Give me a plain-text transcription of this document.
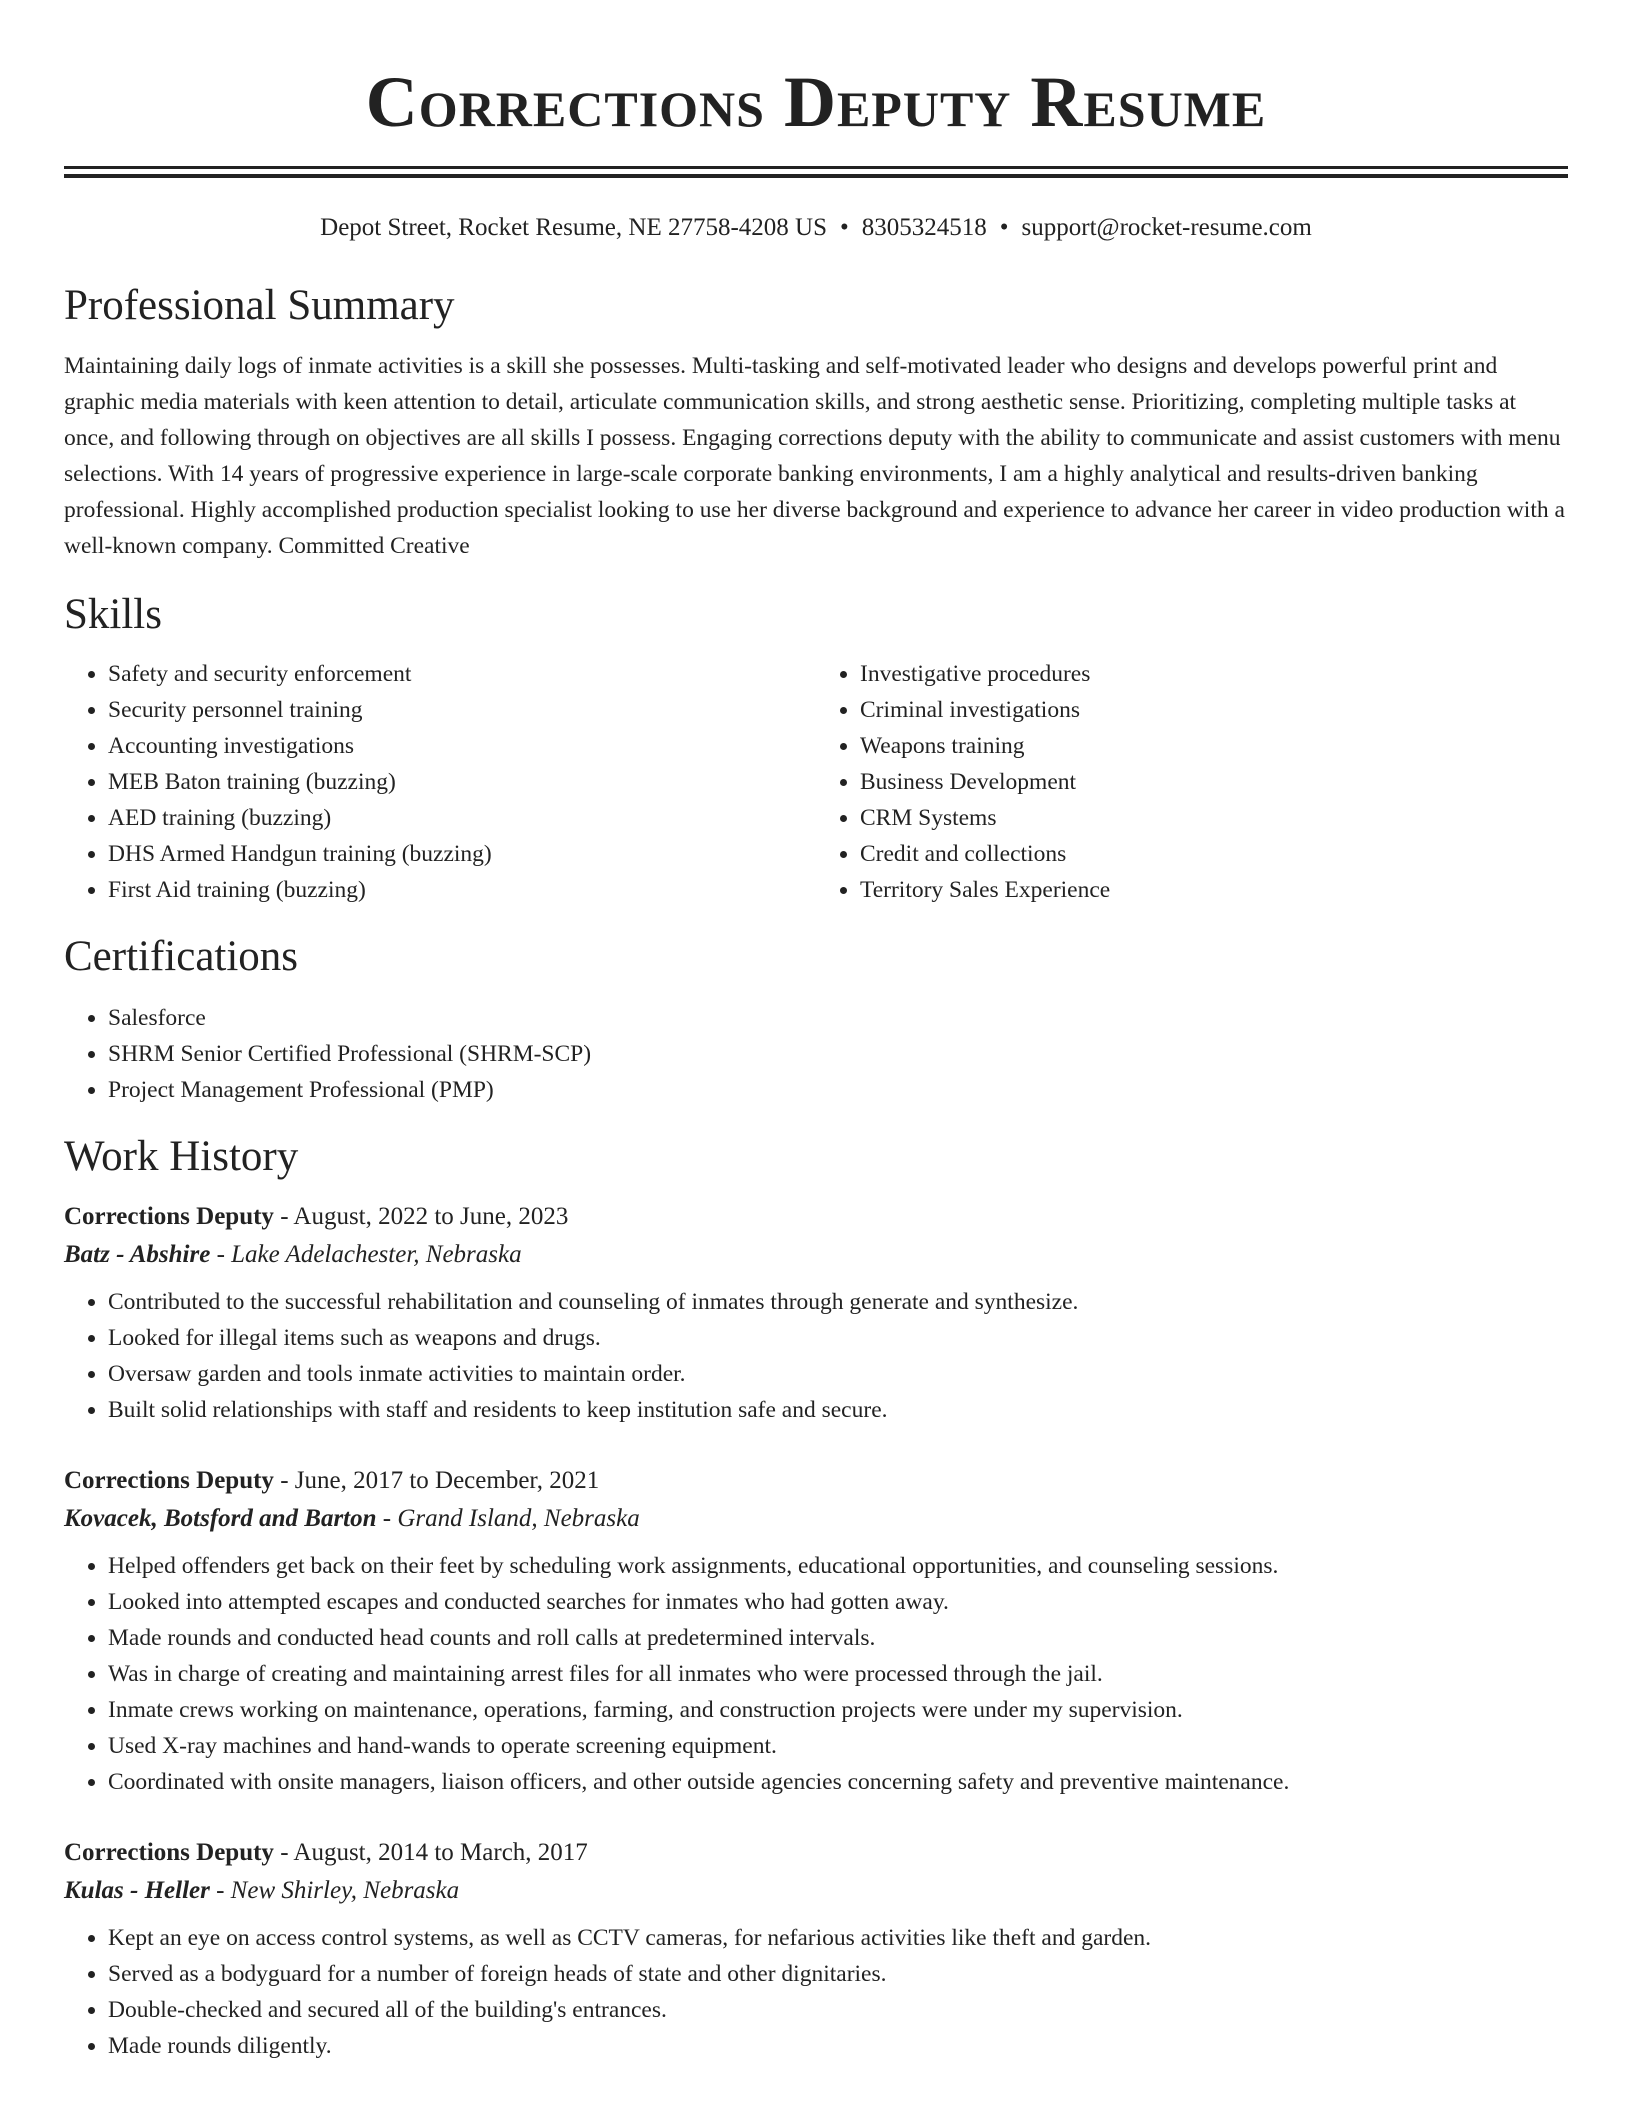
Corrections Deputy Resume
Depot Street, Rocket Resume, NE 27758-4208 US • 8305324518 • support@rocket-resume.com
Professional Summary

Maintaining daily logs of inmate activities is a skill she possesses. Multi-tasking and self-motivated leader who designs and develops powerful print and graphic media materials with keen attention to detail, articulate communication skills, and strong aesthetic sense. Prioritizing, completing multiple tasks at once, and following through on objectives are all skills I possess. Engaging corrections deputy with the ability to communicate and assist customers with menu selections. With 14 years of progressive experience in large-scale corporate banking environments, I am a highly analytical and results-driven banking professional. Highly accomplished production specialist looking to use her diverse background and experience to advance her career in video production with a well-known company. Committed Creative

Skills
• Safety and security enforcement
• Security personnel training
• Accounting investigations
• MEB Baton training (buzzing)
• AED training (buzzing)
• DHS Armed Handgun training (buzzing)
• First Aid training (buzzing)
• Investigative procedures
• Criminal investigations
• Weapons training
• Business Development
• CRM Systems
• Credit and collections
• Territory Sales Experience
Certifications
• Salesforce
• SHRM Senior Certified Professional (SHRM-SCP)
• Project Management Professional (PMP)
Work History
Corrections Deputy - August, 2022 to June, 2023
Batz - Abshire - Lake Adelachester, Nebraska
• Contributed to the successful rehabilitation and counseling of inmates through generate and synthesize.
• Looked for illegal items such as weapons and drugs.
• Oversaw garden and tools inmate activities to maintain order.
• Built solid relationships with staff and residents to keep institution safe and secure.
Corrections Deputy - June, 2017 to December, 2021
Kovacek, Botsford and Barton - Grand Island, Nebraska
• Helped offenders get back on their feet by scheduling work assignments, educational opportunities, and counseling sessions.
• Looked into attempted escapes and conducted searches for inmates who had gotten away.
• Made rounds and conducted head counts and roll calls at predetermined intervals.
• Was in charge of creating and maintaining arrest files for all inmates who were processed through the jail.
• Inmate crews working on maintenance, operations, farming, and construction projects were under my supervision.
• Used X-ray machines and hand-wands to operate screening equipment.
• Coordinated with onsite managers, liaison officers, and other outside agencies concerning safety and preventive maintenance.
Corrections Deputy - August, 2014 to March, 2017
Kulas - Heller - New Shirley, Nebraska
• Kept an eye on access control systems, as well as CCTV cameras, for nefarious activities like theft and garden.
• Served as a bodyguard for a number of foreign heads of state and other dignitaries.
• Double-checked and secured all of the building's entrances.
• Made rounds diligently.
